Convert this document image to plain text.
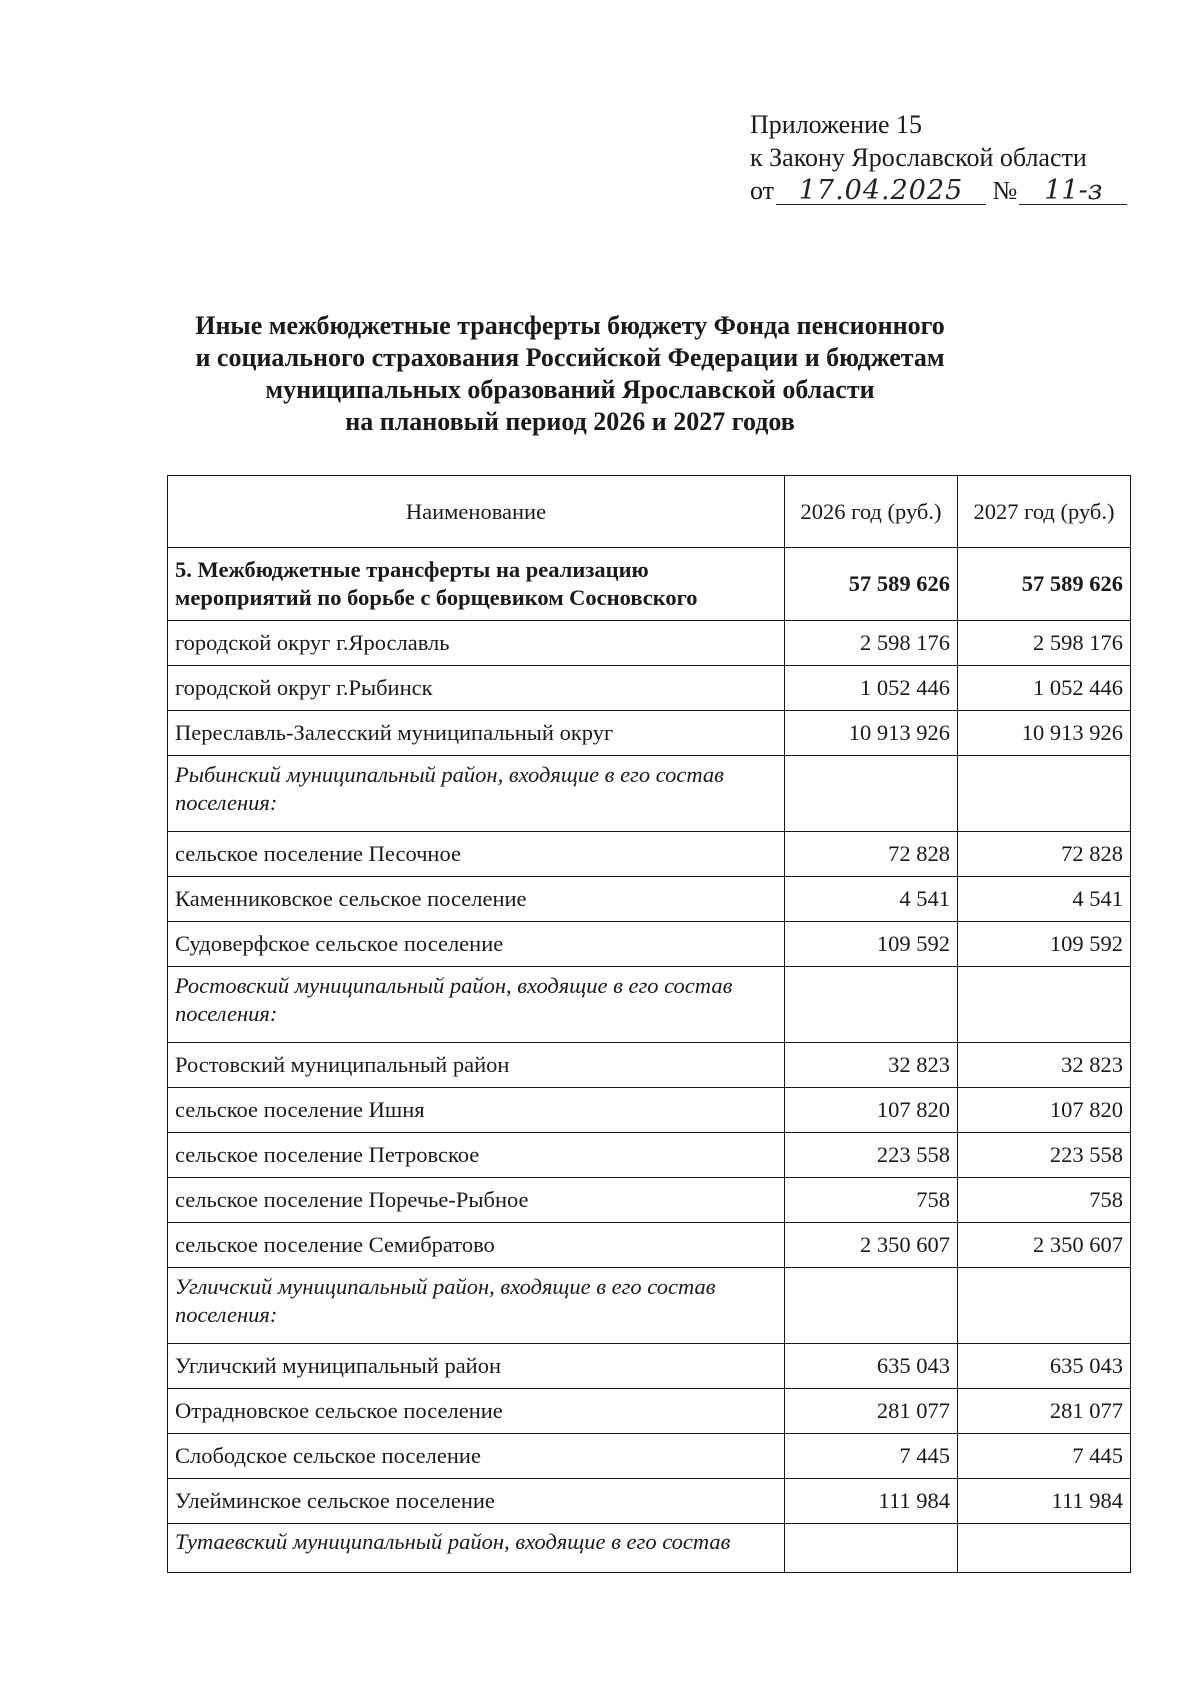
Приложение 15
к Закону Ярославской области
от 17.04.2025 № 11-з
Иные межбюджетные трансферты бюджету Фонда пенсионного
и социального страхования Российской Федерации и бюджетам
муниципальных образований Ярославской области
на плановый период 2026 и 2027 годов
Наименование	2026 год (руб.)	2027 год (руб.)
5. Межбюджетные трансферты на реализацию мероприятий по борьбе с борщевиком Сосновского	57 589 626	57 589 626
городской округ г.Ярославль	2 598 176	2 598 176
городской округ г.Рыбинск	1 052 446	1 052 446
Переславль-Залесский муниципальный округ	10 913 926	10 913 926
Рыбинский муниципальный район, входящие в его состав поселения:		
сельское поселение Песочное	72 828	72 828
Каменниковское сельское поселение	4 541	4 541
Судоверфское сельское поселение	109 592	109 592
Ростовский муниципальный район, входящие в его состав поселения:		
Ростовский муниципальный район	32 823	32 823
сельское поселение Ишня	107 820	107 820
сельское поселение Петровское	223 558	223 558
сельское поселение Поречье-Рыбное	758	758
сельское поселение Семибратово	2 350 607	2 350 607
Угличский муниципальный район, входящие в его состав поселения:		
Угличский муниципальный район	635 043	635 043
Отрадновское сельское поселение	281 077	281 077
Слободское сельское поселение	7 445	7 445
Улейминское сельское поселение	111 984	111 984
Тутаевский муниципальный район, входящие в его состав		
